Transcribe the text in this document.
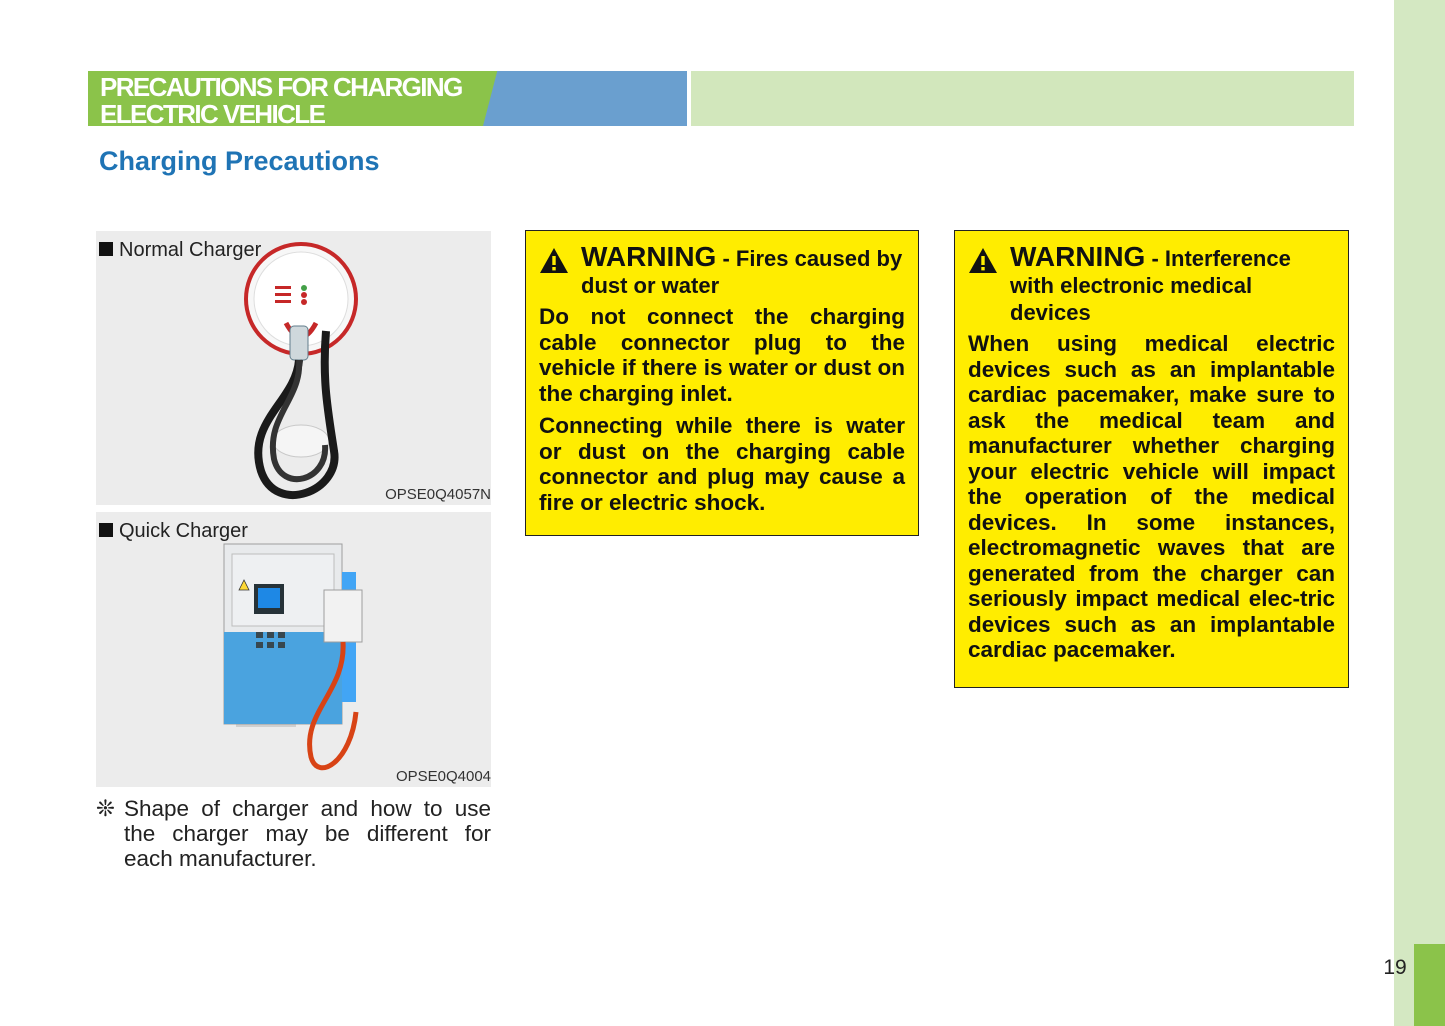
19
PRECAUTIONS FOR CHARGING
ELECTRIC VEHICLE
Charging Precautions
Normal Charger
OPSE0Q4057N
Quick Charger
OPSE0Q4004
❊ Shape of charger and how to use the charger may be different for each manufacturer.
WARNING - Fires caused by dust or water

Do not connect the charging cable connector plug to the vehicle if there is water or dust on the charging inlet.

Connecting while there is water or dust on the charging cable connector and plug may cause a fire or electric shock.

WARNING - Interference with electronic medical devices

When using medical electric devices such as an implantable cardiac pacemaker, make sure to ask the medical team and manufacturer whether charging your electric vehicle will impact the operation of the medical devices. In some instances, electromagnetic waves that are generated from the charger can seriously impact medical elec-tric devices such as an implantable cardiac pacemaker.
